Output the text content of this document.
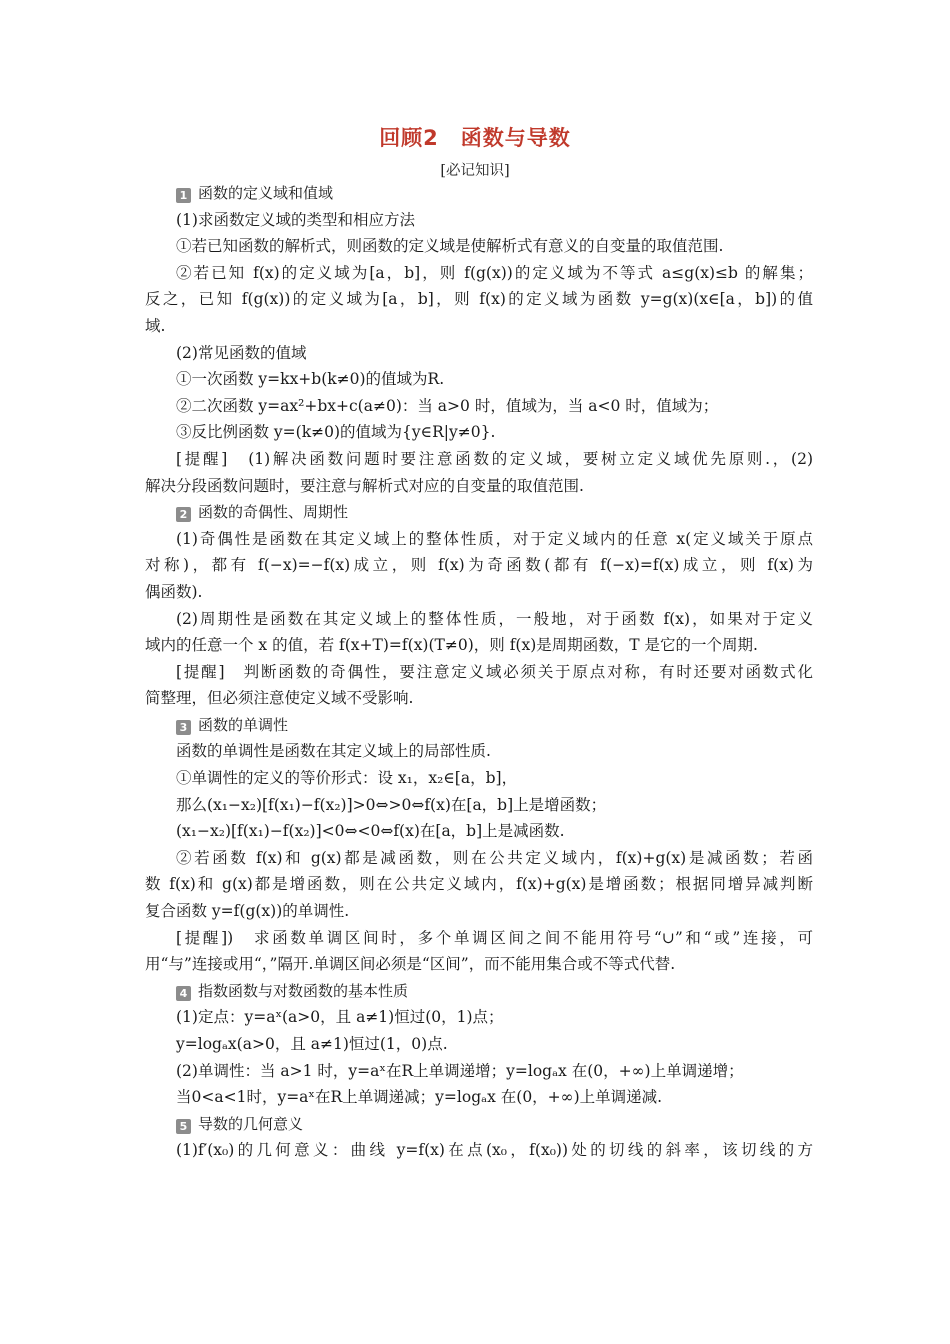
回顾2　函数与导数
[必记知识]
1 函数的定义域和值域
(1)求函数定义域的类型和相应方法
①若已知函数的解析式，则函数的定义域是使解析式有意义的自变量的取值范围.
②若已知 f(x)的定义域为[a，b]，则 f(g(x))的定义域为不等式 a≤g(x)≤b 的解集；
反之，已知 f(g(x))的定义域为[a，b]，则 f(x)的定义域为函数 y=g(x)(x∈[a，b])的值
域.
(2)常见函数的值域
①一次函数 y=kx+b(k≠0)的值域为R.
②二次函数 y=ax²+bx+c(a≠0)：当 a>0 时，值域为，当 a<0 时，值域为；
③反比例函数 y=(k≠0)的值域为{y∈R|y≠0}.
[提醒]　(1)解决函数问题时要注意函数的定义域，要树立定义域优先原则.，(2)
解决分段函数问题时，要注意与解析式对应的自变量的取值范围.
2 函数的奇偶性、周期性
(1)奇偶性是函数在其定义域上的整体性质，对于定义域内的任意 x(定义域关于原点
对称)，都有 f(−x)=−f(x)成立，则 f(x)为奇函数(都有 f(−x)=f(x)成立，则 f(x)为
偶函数).
(2)周期性是函数在其定义域上的整体性质，一般地，对于函数 f(x)，如果对于定义
域内的任意一个 x 的值，若 f(x+T)=f(x)(T≠0)，则 f(x)是周期函数，T 是它的一个周期.
[提醒]　判断函数的奇偶性，要注意定义域必须关于原点对称，有时还要对函数式化
简整理，但必须注意使定义域不受影响.
3 函数的单调性
函数的单调性是函数在其定义域上的局部性质.
①单调性的定义的等价形式：设 x₁，x₂∈[a，b]，
那么(x₁−x₂)[f(x₁)−f(x₂)]>0⇔>0⇔f(x)在[a，b]上是增函数；
(x₁−x₂)[f(x₁)−f(x₂)]<0⇔<0⇔f(x)在[a，b]上是减函数.
②若函数 f(x)和 g(x)都是减函数，则在公共定义域内，f(x)+g(x)是减函数；若函
数 f(x)和 g(x)都是增函数，则在公共定义域内，f(x)+g(x)是增函数；根据同增异减判断
复合函数 y=f(g(x))的单调性.
[提醒])　求函数单调区间时，多个单调区间之间不能用符号“∪”和“或”连接，可
用“与”连接或用“，”隔开.单调区间必须是“区间”，而不能用集合或不等式代替.
4 指数函数与对数函数的基本性质
(1)定点：y=aˣ(a>0，且 a≠1)恒过(0，1)点；
y=logₐx(a>0，且 a≠1)恒过(1，0)点.
(2)单调性：当 a>1 时，y=aˣ在R上单调递增；y=logₐx 在(0，+∞)上单调递增；
当0<a<1时，y=aˣ在R上单调递减；y=logₐx 在(0，+∞)上单调递减.
5 导数的几何意义
(1)f′(x₀)的几何意义：曲线 y=f(x)在点(x₀，f(x₀))处的切线的斜率，该切线的方
